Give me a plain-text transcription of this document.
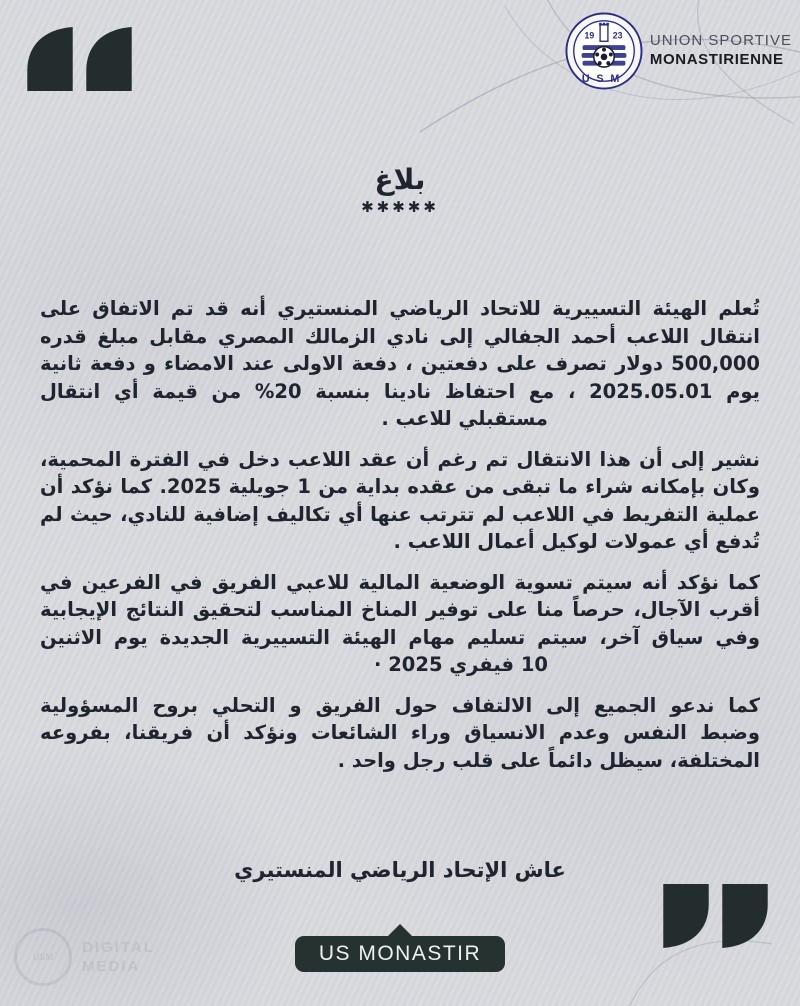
19 23
USM
UNION SPORTIVE
MONASTIRIENNE
بلاغ
✱✱✱✱✱
تُعلم الهيئة التسييرية للاتحاد الرياضي المنستيري أنه قد تم الاتفاق على
انتقال اللاعب أحمد الجفالي إلى نادي الزمالك المصري مقابل مبلغ قدره
500,000 دولار تصرف على دفعتين ، دفعة الاولى عند الامضاء و دفعة ثانية
يوم 2025.05.01 ، مع احتفاظ نادينا بنسبة 20% من قيمة أي انتقال
مستقبلي للاعب .
نشير إلى أن هذا الانتقال تم رغم أن عقد اللاعب دخل في الفترة المحمية،
وكان بإمكانه شراء ما تبقى من عقده بداية من 1 جويلية 2025. كما نؤكد أن
عملية التفريط في اللاعب لم تترتب عنها أي تكاليف إضافية للنادي، حيث لم
تُدفع أي عمولات لوكيل أعمال اللاعب .
كما نؤكد أنه سيتم تسوية الوضعية المالية للاعبي الفريق في الفرعين في
أقرب الآجال، حرصاً منا على توفير المناخ المناسب لتحقيق النتائج الإيجابية
وفي سياق آخر، سيتم تسليم مهام الهيئة التسييرية الجديدة يوم الاثنين
10 فيفري 2025 ·
كما ندعو الجميع إلى الالتفاف حول الفريق و التحلي بروح المسؤولية
وضبط النفس وعدم الانسياق وراء الشائعات ونؤكد أن فريقنا، بفروعه
المختلفة، سيظل دائماً على قلب رجل واحد .
عاش الإتحاد الرياضي المنستيري
US MONASTIR
USM
DIGITAL
MEDIA
